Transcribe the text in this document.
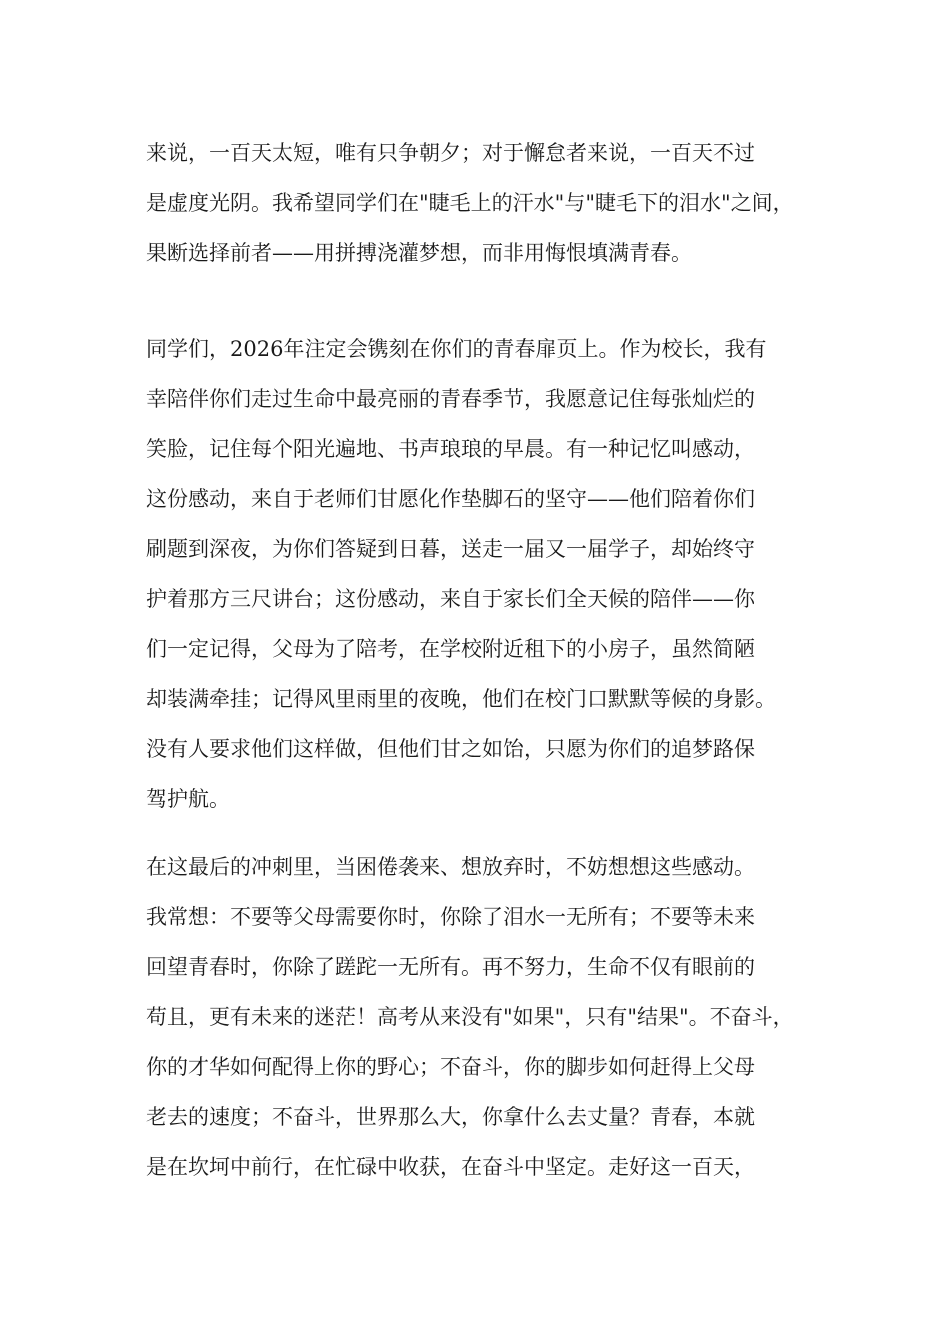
来说，一百天太短，唯有只争朝夕；对于懈怠者来说，一百天不过
是虚度光阴。我希望同学们在"睫毛上的汗水"与"睫毛下的泪水"之间，
果断选择前者——用拼搏浇灌梦想，而非用悔恨填满青春。

同学们，2026年注定会镌刻在你们的青春扉页上。作为校长，我有
幸陪伴你们走过生命中最亮丽的青春季节，我愿意记住每张灿烂的
笑脸，记住每个阳光遍地、书声琅琅的早晨。有一种记忆叫感动，
这份感动，来自于老师们甘愿化作垫脚石的坚守——他们陪着你们
刷题到深夜，为你们答疑到日暮，送走一届又一届学子，却始终守
护着那方三尺讲台；这份感动，来自于家长们全天候的陪伴——你
们一定记得，父母为了陪考，在学校附近租下的小房子，虽然简陋
却装满牵挂；记得风里雨里的夜晚，他们在校门口默默等候的身影。
没有人要求他们这样做，但他们甘之如饴，只愿为你们的追梦路保
驾护航。

在这最后的冲刺里，当困倦袭来、想放弃时，不妨想想这些感动。
我常想：不要等父母需要你时，你除了泪水一无所有；不要等未来
回望青春时，你除了蹉跎一无所有。再不努力，生命不仅有眼前的
苟且，更有未来的迷茫！高考从来没有"如果"，只有"结果"。不奋斗，
你的才华如何配得上你的野心；不奋斗，你的脚步如何赶得上父母
老去的速度；不奋斗，世界那么大，你拿什么去丈量？青春，本就
是在坎坷中前行，在忙碌中收获，在奋斗中坚定。走好这一百天，
